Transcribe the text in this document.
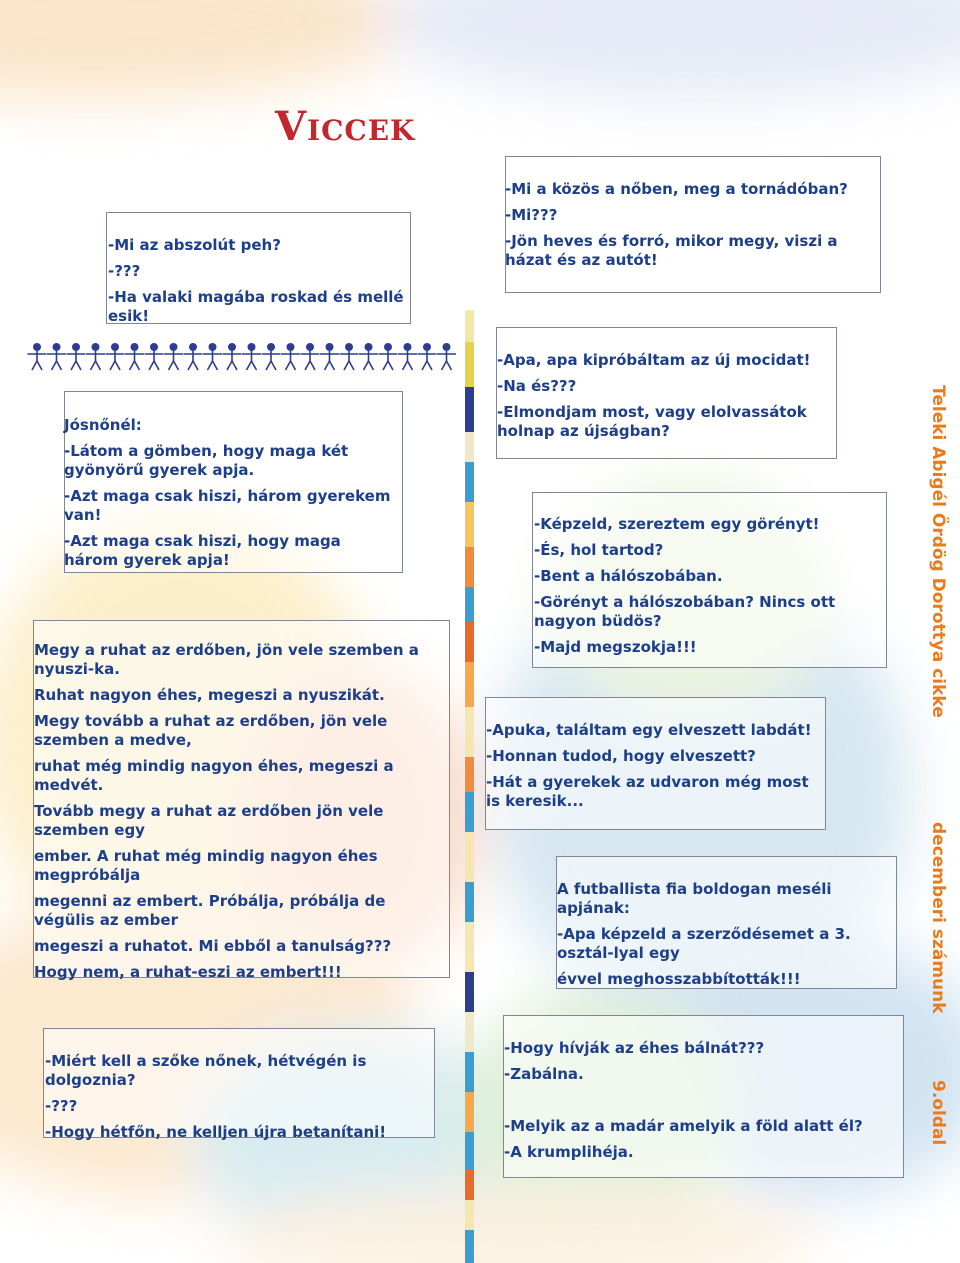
Viccek

-Mi az abszolút peh?

-???

-Ha valaki magába roskad és mellé esik!

-Mi a közös a nőben, meg a tornádóban?

-Mi???

-Jön heves és forró, mikor megy, viszi a házat és az autót!

Jósnőnél:

-Látom a gömben, hogy maga két gyönyörű gyerek apja.

-Azt maga csak hiszi, három gyerekem van!

-Azt maga csak hiszi, hogy maga három gyerek apja!

Megy a ruhat az erdőben, jön vele szemben a nyuszi-ka.

Ruhat nagyon éhes, megeszi a nyuszikát.

Megy tovább a ruhat az erdőben, jön vele szemben a medve,

ruhat még mindig nagyon éhes, megeszi a medvét.

Tovább megy a ruhat az erdőben jön vele szemben egy

ember. A ruhat még mindig nagyon éhes megpróbálja

megenni az embert. Próbálja, próbálja de végülis az ember

megeszi a ruhatot. Mi ebből a tanulság???

Hogy nem, a ruhat-eszi az embert!!!

-Miért kell a szőke nőnek, hétvégén is dolgoznia?

-???

-Hogy hétfőn, ne kelljen újra betanítani!

-Apa, apa kipróbáltam az új mocidat!

-Na és???

-Elmondjam most, vagy elolvassátok holnap az újságban?

-Képzeld, szereztem egy görényt!

-És, hol tartod?

-Bent a hálószobában.

-Görényt a hálószobában? Nincs ott nagyon büdös?

-Majd megszokja!!!

-Apuka, találtam egy elveszett labdát!

-Honnan tudod, hogy elveszett?

-Hát a gyerekek az udvaron még most is keresik...

A futballista fia boldogan meséli apjának:

-Apa képzeld a szerződésemet a 3. osztál-lyal egy

évvel meghosszabbították!!!

-Hogy hívják az éhes bálnát???

-Zabálna.

-Melyik az a madár amelyik a föld alatt él?

-A krumplihéja.

Teleki Abigél Ördög Dorottya cikke
decemberi számunk
9.oldal
